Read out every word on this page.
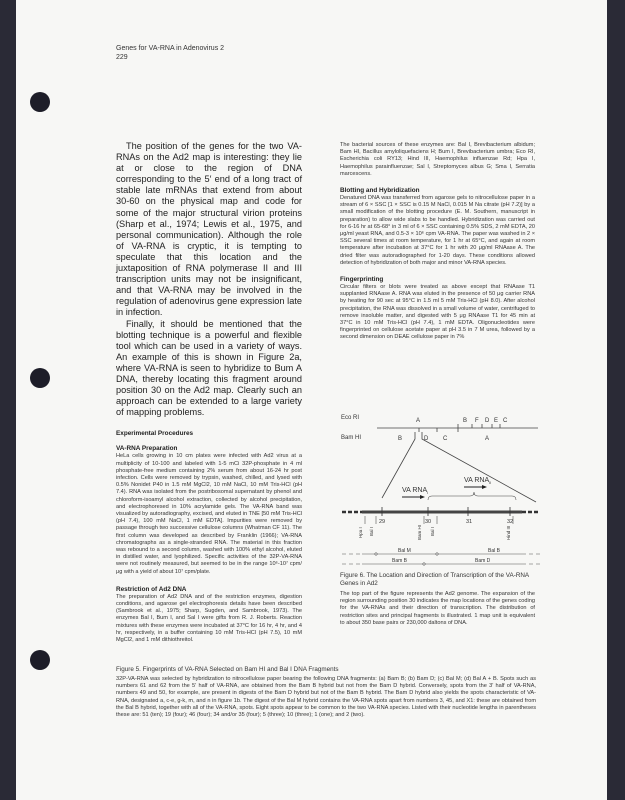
Genes for VA-RNA in Adenovirus 2
229

The position of the genes for the two VA-RNAs on the Ad2 map is interesting: they lie at or close to the region of DNA corresponding to the 5′ end of a long tract of stable late mRNAs that extend from about 30-60 on the physical map and code for some of the major structural virion proteins (Sharp et al., 1974; Lewis et al., 1975, and personal communication). Although the role of VA-RNA is cryptic, it is tempting to speculate that this location and the juxtaposition of RNA polymerase II and III transcription units may not be insignificant, and that VA-RNA may be involved in the regulation of adenovirus gene expression late in infection.

Finally, it should be mentioned that the blotting technique is a powerful and flexible tool which can be used in a variety of ways. An example of this is shown in Figure 2a, where VA-RNA is seen to hybridize to Bum A DNA, thereby locating this fragment around position 30 on the Ad2 map. Clearly such an approach can be extended to a large variety of mapping problems.

Experimental Procedures
VA-RNA Preparation

HeLa cells growing in 10 cm plates were infected with Ad2 virus at a multiplicity of 10-100 and labeled with 1-5 mCi 32P-phosphate in 4 ml phosphate-free medium containing 2% serum from about 16-24 hr post infection. Cells were removed by trypsin, washed, chilled, and lysed with 0.5% Nonidet P40 in 1.5 mM MgCl2, 10 mM NaCl, 10 mM Tris-HCl (pH 7.4). RNA was isolated from the postribosomal supernatant by phenol and chloroform-isoamyl alcohol extraction, collected by alcohol precipitation, and electrophoresed in 10% acrylamide gels. The VA-RNA band was visualized by autoradiography, excised, and eluted in TNE [50 mM Tris-HCl (pH 7.4), 100 mM NaCl, 1 mM EDTA]. Impurities were removed by passage through two successive cellulose columns (Whatman CF 11). The first column was developed as described by Franklin (1966); VA-RNA chromatographs as a single-stranded RNA. The material in this fraction was rebound to a second column, washed with 100% ethyl alcohol, eluted in distilled water, and lyophilized. Specific activities of the 32P-VA-RNA were not routinely measured, but seemed to be in the range 10⁶-10⁷ cpm/μg with a yield of about 10⁷ cpm/plate.

Restriction of Ad2 DNA

The preparation of Ad2 DNA and of the restriction enzymes, digestion conditions, and agarose gel electrophoresis details have been described (Sambrook et al., 1975; Sharp, Sugden, and Sambrook, 1973). The enzymes Bal I, Bum I, and Sal I were gifts from R. J. Roberts. Reaction mixtures with these enzymes were incubated at 37°C for 16 hr, 4 hr, and 4 hr, respectively, in a buffer containing 10 mM Tris-HCl (pH 7.5), 10 mM MgCl2, and 1 mM dithiothreitol.

The bacterial sources of these enzymes are: Bal I, Brevibacterium albidum; Bam HI, Bacillus amyloliquefaciens H; Bum I, Brevibacterium umbra; Eco RI, Escherichia coli RY13; Hind III, Haemophilus influenzae Rd; Hpa I, Haemophilus parainfluenzae; Sal I, Streptomyces albus G; Sma I, Serratia marcescens.

Blotting and Hybridization

Denatured DNA was transferred from agarose gels to nitrocellulose paper in a stream of 6 × SSC [1 × SSC is 0.15 M NaCl, 0.015 M Na citrate (pH 7.2)] by a small modification of the blotting procedure (E. M. Southern, manuscript in preparation) to allow wide slabs to be handled. Hybridization was carried out for 6-16 hr at 65-68° in 3 ml of 6 × SSC containing 0.5% SDS, 2 mM EDTA, 20 μg/ml yeast RNA, and 0.5-3 × 10⁶ cpm VA-RNA. The paper was washed in 2 × SSC several times at room temperature, for 1 hr at 65°C, and again at room temperature after incubation at 37°C for 1 hr with 20 μg/ml RNAase A. The dried filter was autoradiographed for 1-20 days. These conditions allowed detection of hybridization of both major and minor VA-RNA species.

Fingerprinting

Circular filters or blots were treated as above except that RNAase T1 supplanted RNAase A. RNA was eluted in the presence of 50 μg carrier RNA by heating for 90 sec at 95°C in 1.5 ml 5 mM Tris-HCl (pH 8.0). After alcohol precipitation, the RNA was dissolved in a small volume of water, centrifuged to remove insoluble matter, and digested with 5 μg RNAase T1 for 45 min at 37°C in 10 mM Tris-HCl (pH 7.4), 1 mM EDTA. Oligonucleotides were fingerprinted on cellulose acetate paper at pH 3.5 in 7 M urea, followed by a second dimension on DEAE cellulose paper in 7%

Eco RI
Bam HI
A	B F D E C
B	D C	A
VA $RNA_I$
VA $RNA_{II}$
29	30	31	32
Hpa I Bal I	Bam HI Bal I	Hind III
Bal M	Bal B
Bam B	Bam D

Figure 6. The Location and Direction of Transcription of the VA-RNA Genes in Ad2

The top part of the figure represents the Ad2 genome. The expansion of the region surrounding position 30 indicates the map locations of the genes coding for the VA-RNAs and their direction of transcription. The distribution of restriction sites and principal fragments is illustrated. 1 map unit is equivalent to about 350 base pairs or 230,000 daltons of DNA.

Figure 5. Fingerprints of VA-RNA Selected on Bam HI and Bal I DNA Fragments

32P-VA-RNA was selected by hybridization to nitrocellulose paper bearing the following DNA fragments: (a) Bam B; (b) Bam D; (c) Bal M; (d) Bal A + B. Spots such as numbers 61 and 62 from the 5′ half of VA-RNA, are obtained from the Bam B hybrid but not from the Bam D hybrid. Conversely, spots from the 3′ half of VA-RNA, numbers 49 and 50, for example, are present in digests of the Bam D hybrid but not of the Bam B hybrid. The Bam D hybrid also yields the spots characteristic of VA-RNA, designated a, c-e, g-k, m, and n in figure 1b. The digest of the Bal M hybrid contains the VA-RNA spots apart from numbers 3, 45, and X1: these are obtained from the Bal B hybrid, together with all of the VA-RNA, spots. Eight spots appear to be common to the two VA-RNA species. Listed with their nucleotide lengths in parentheses these are: 51 (ten); 19 (four); 46 (four); 34 and/or 35 (four); 5 (three); 10 (three); 1 (one); and 2 (two).
